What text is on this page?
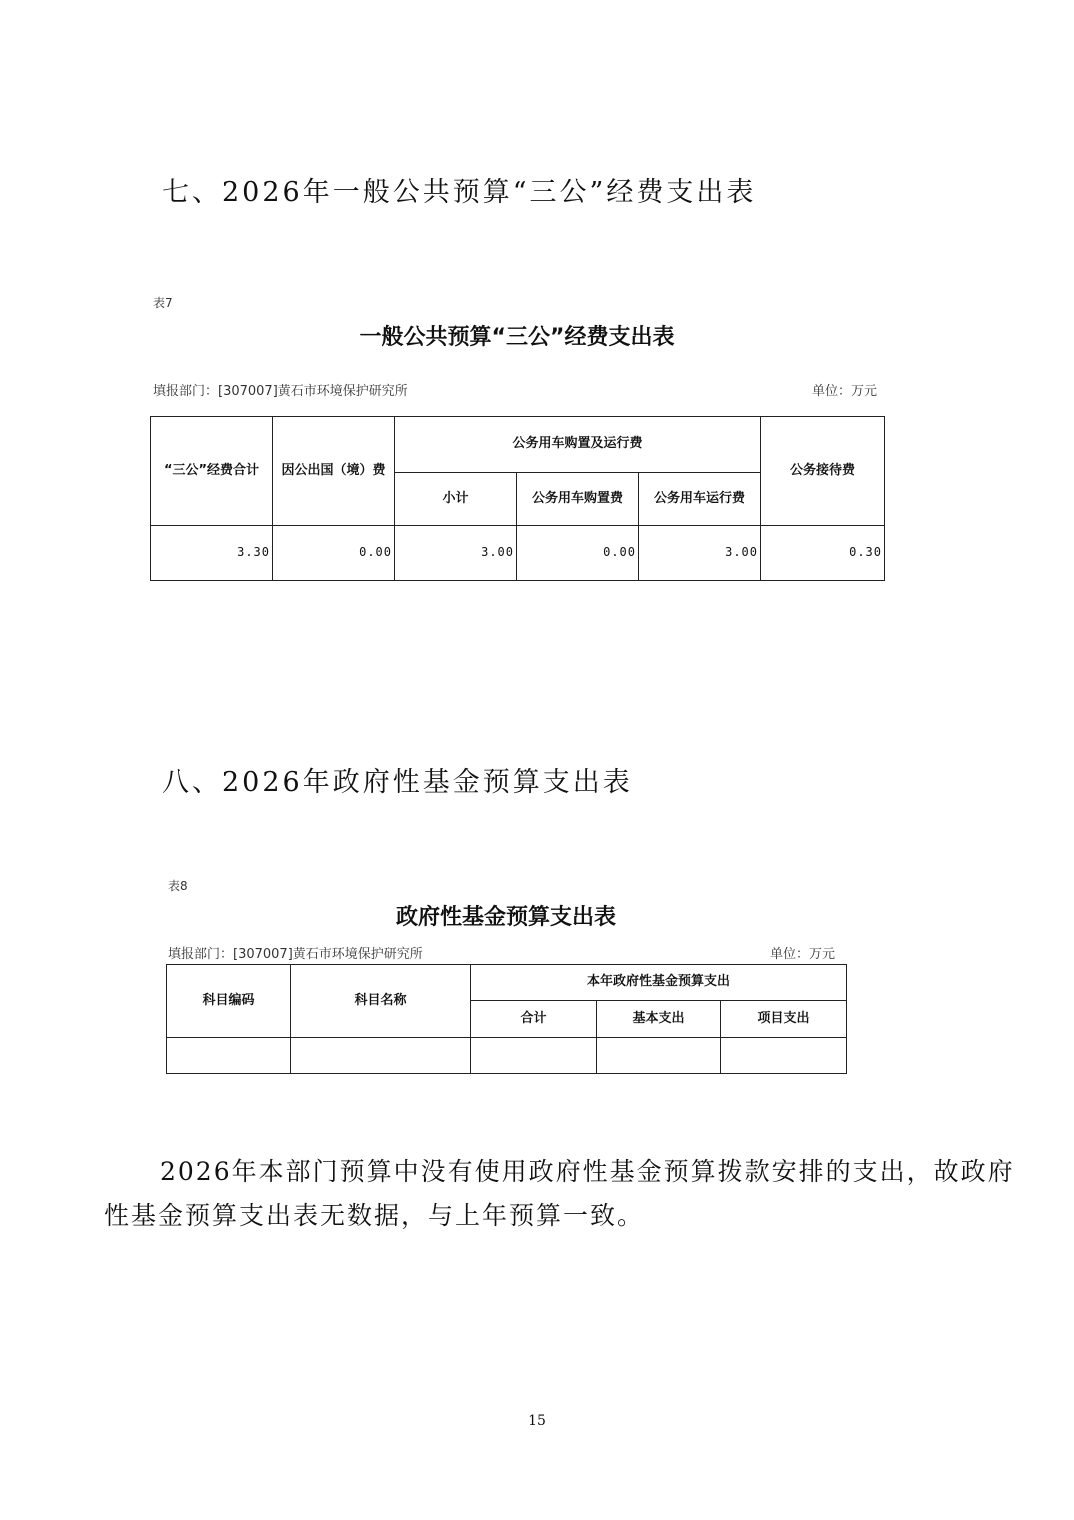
七、2026年一般公共预算“三公”经费支出表
表7
一般公共预算“三公”经费支出表
填报部门：[307007]黄石市环境保护研究所	单位：万元
“三公”经费合计	因公出国（境）费	公务用车购置及运行费			公务接待费
		小计	公务用车购置费	公务用车运行费	
3.30	0.00	3.00	0.00	3.00	0.30
八、2026年政府性基金预算支出表
表8
政府性基金预算支出表
填报部门：[307007]黄石市环境保护研究所	单位：万元
科目编码	科目名称	本年政府性基金预算支出		
		合计	基本支出	项目支出

2026年本部门预算中没有使用政府性基金预算拨款安排的支出，故政府性基金预算支出表无数据，与上年预算一致。
15
